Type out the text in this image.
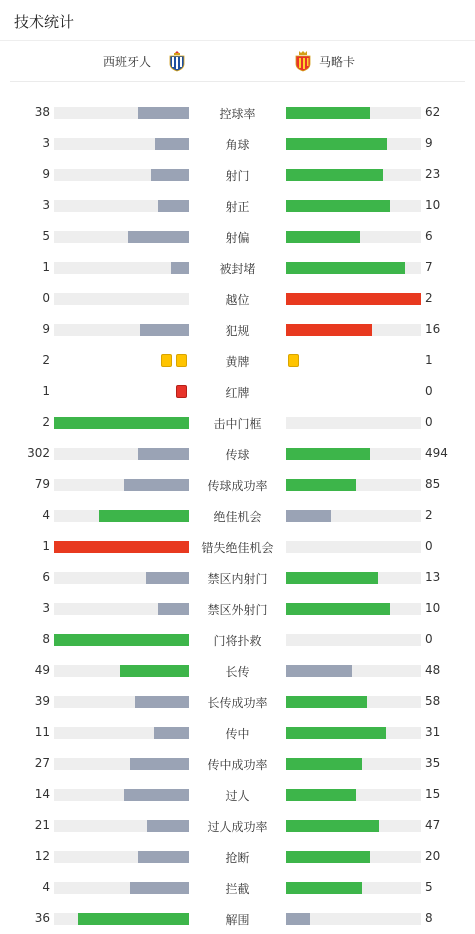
技术统计
西班牙人	马略卡
38	控球率	62
3	角球	9
9	射门	23
3	射正	10
5	射偏	6
1	被封堵	7
0	越位	2
9	犯规	16
2	黄牌	1
1	红牌	0
2	击中门框	0
302	传球	494
79	传球成功率	85
4	绝佳机会	2
1	错失绝佳机会	0
6	禁区内射门	13
3	禁区外射门	10
8	门将扑救	0
49	长传	48
39	长传成功率	58
11	传中	31
27	传中成功率	35
14	过人	15
21	过人成功率	47
12	抢断	20
4	拦截	5
36	解围	8
